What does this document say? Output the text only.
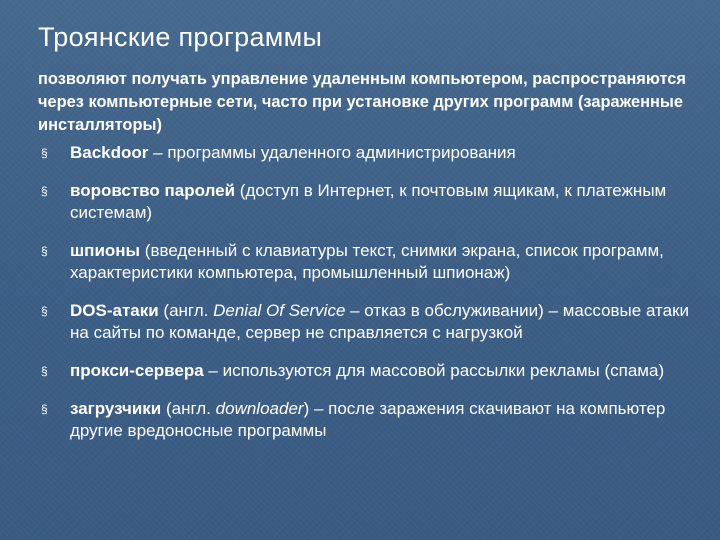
Троянские программы
позволяют получать управление удаленным компьютером, распространяются через компьютерные сети, часто при установке других программ (зараженные инсталляторы)
§ Backdoor – программы удаленного администрирования
§ воровство паролей (доступ в Интернет, к почтовым ящикам, к платежным системам)
§ шпионы (введенный с клавиатуры текст, снимки экрана, список программ, характеристики компьютера, промышленный шпионаж)
§ DOS-атаки (англ. Denial Of Service – отказ в обслуживании) – массовые атаки на сайты по команде, сервер не справляется с нагрузкой
§ прокси-сервера – используются для массовой рассылки рекламы (спама)
§ загрузчики (англ. downloader) – после заражения скачивают на компьютер другие вредоносные программы
